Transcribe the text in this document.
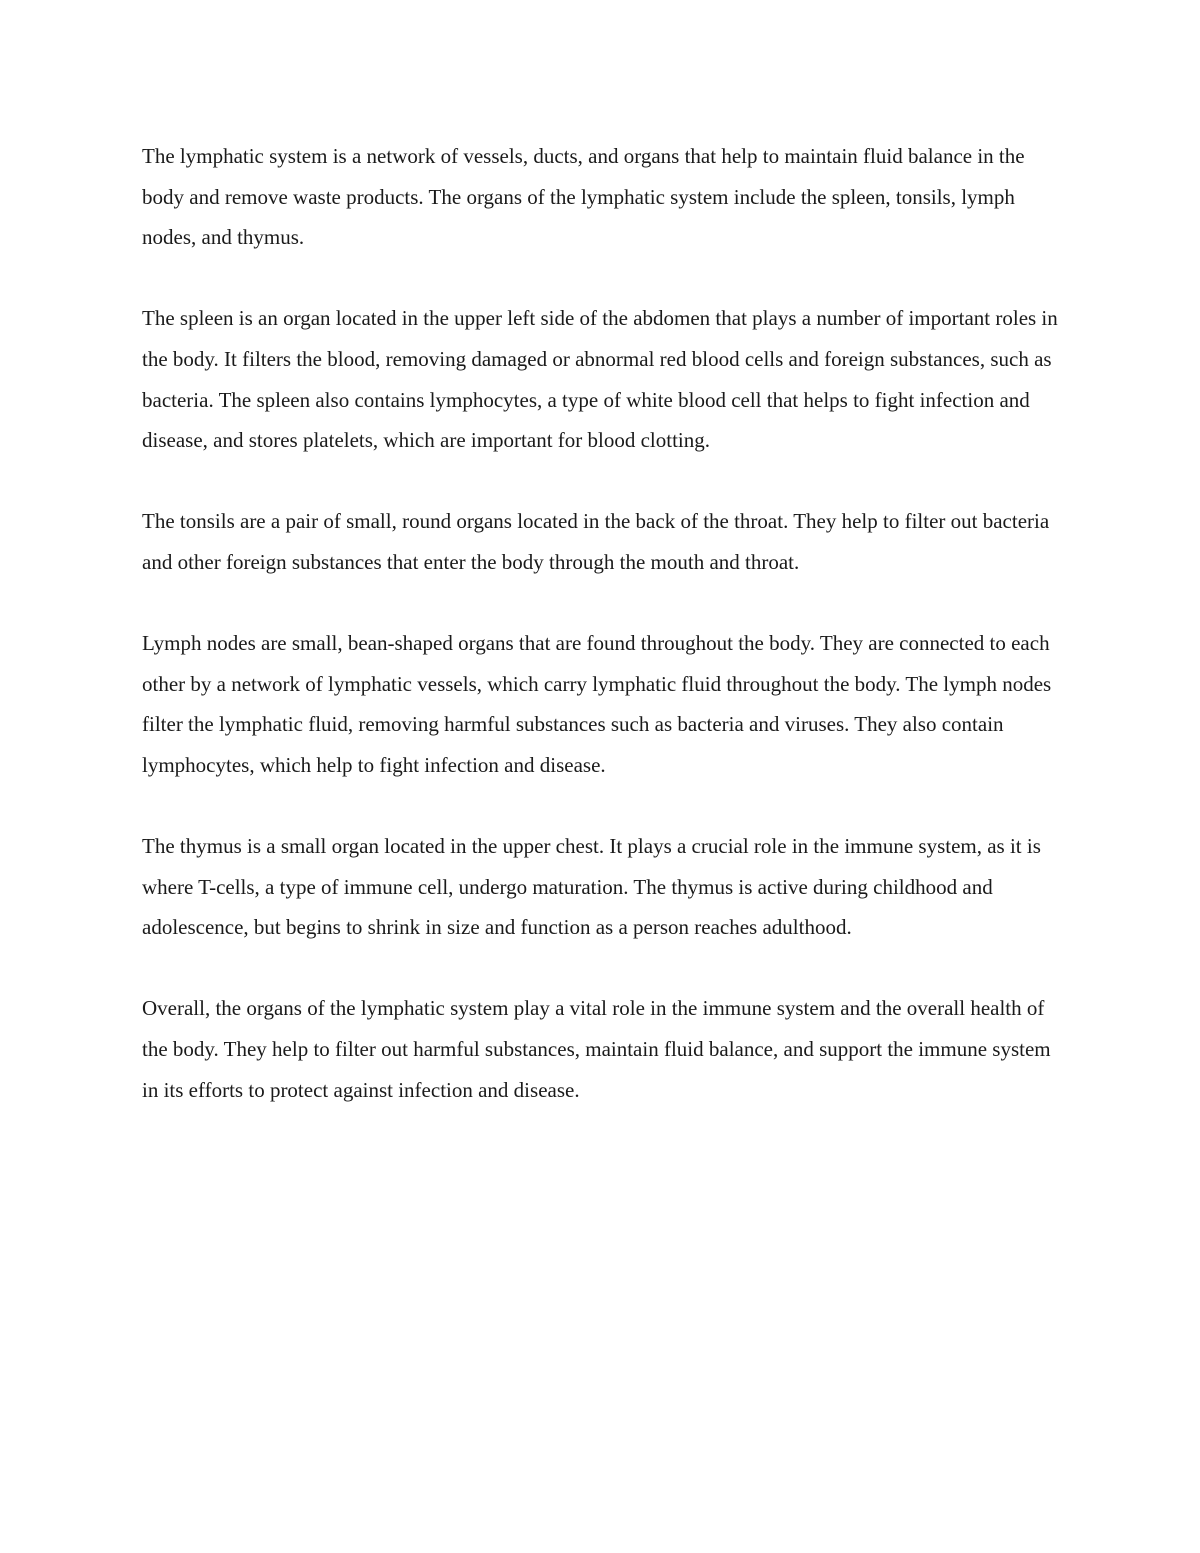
The lymphatic system is a network of vessels, ducts, and organs that help to maintain fluid balance in the body and remove waste products. The organs of the lymphatic system include the spleen, tonsils, lymph nodes, and thymus.

The spleen is an organ located in the upper left side of the abdomen that plays a number of important roles in the body. It filters the blood, removing damaged or abnormal red blood cells and foreign substances, such as bacteria. The spleen also contains lymphocytes, a type of white blood cell that helps to fight infection and disease, and stores platelets, which are important for blood clotting.

The tonsils are a pair of small, round organs located in the back of the throat. They help to filter out bacteria and other foreign substances that enter the body through the mouth and throat.

Lymph nodes are small, bean-shaped organs that are found throughout the body. They are connected to each other by a network of lymphatic vessels, which carry lymphatic fluid throughout the body. The lymph nodes filter the lymphatic fluid, removing harmful substances such as bacteria and viruses. They also contain lymphocytes, which help to fight infection and disease.

The thymus is a small organ located in the upper chest. It plays a crucial role in the immune system, as it is where T-cells, a type of immune cell, undergo maturation. The thymus is active during childhood and adolescence, but begins to shrink in size and function as a person reaches adulthood.

Overall, the organs of the lymphatic system play a vital role in the immune system and the overall health of the body. They help to filter out harmful substances, maintain fluid balance, and support the immune system in its efforts to protect against infection and disease.
